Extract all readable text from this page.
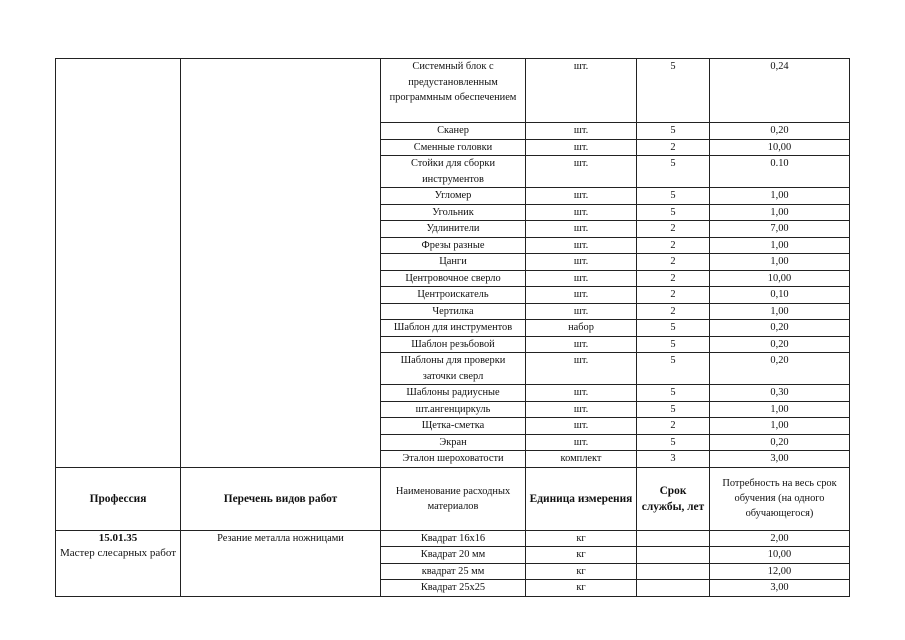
		Системный блок с предустановленным программным обеспечением	шт.	5	0,24
		Сканер	шт.	5	0,20
		Сменные головки	шт.	2	10,00
		Стойки для сборки инструментов	шт.	5	0.10
		Угломер	шт.	5	1,00
		Угольник	шт.	5	1,00
		Удлинители	шт.	2	7,00
		Фрезы разные	шт.	2	1,00
		Цанги	шт.	2	1,00
		Центровочное сверло	шт.	2	10,00
		Центроискатель	шт.	2	0,10
		Чертилка	шт.	2	1,00
		Шаблон для инструментов	набор	5	0,20
		Шаблон резьбовой	шт.	5	0,20
		Шаблоны для проверки заточки сверл	шт.	5	0,20
		Шаблоны радиусные	шт.	5	0,30
		шт.ангенциркуль	шт.	5	1,00
		Щетка-сметка	шт.	2	1,00
		Экран	шт.	5	0,20
		Эталон шероховатости	комплект	3	3,00
Профессия	Перечень видов работ	Наименование расходных материалов	Единица измерения	Срок службы, лет	Потребность на весь срок обучения (на одного обучающегося)

15.01.35
Мастер слесарных работ	Резание металла ножницами	Квадрат 16х16	кг		2,00
		Квадрат 20 мм	кг		10,00
		квадрат 25 мм	кг		12,00
		Квадрат 25х25	кг		3,00
